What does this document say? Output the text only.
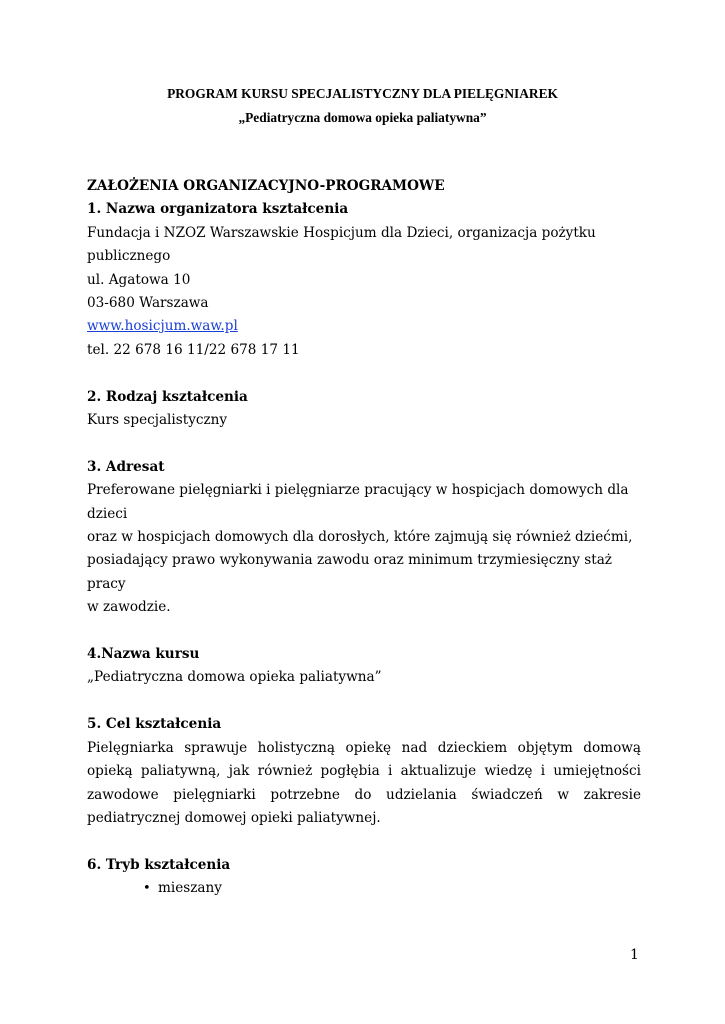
PROGRAM KURSU SPECJALISTYCZNY DLA PIELĘGNIAREK
„Pediatryczna domowa opieka paliatywna”

ZAŁOŻENIA ORGANIZACYJNO-PROGRAMOWE

1. Nazwa organizatora kształcenia

Fundacja i NZOZ Warszawskie Hospicjum dla Dzieci, organizacja pożytku

publicznego

ul. Agatowa 10

03-680 Warszawa

www.hosicjum.waw.pl

tel. 22 678 16 11/22 678 17 11

2. Rodzaj kształcenia

Kurs specjalistyczny

3. Adresat

Preferowane pielęgniarki i pielęgniarze pracujący w hospicjach domowych dla dzieci

oraz w hospicjach domowych dla dorosłych, które zajmują się również dziećmi,

posiadający prawo wykonywania zawodu oraz minimum trzymiesięczny staż pracy

w zawodzie.

4.Nazwa kursu

„Pediatryczna domowa opieka paliatywna”

5. Cel kształcenia

Pielęgniarka sprawuje holistyczną opiekę nad dzieckiem objętym domową opieką paliatywną, jak również pogłębia i aktualizuje wiedzę i umiejętności zawodowe pielęgniarki potrzebne do udzielania świadczeń w zakresie pediatrycznej domowej opieki paliatywnej.

6. Tryb kształcenia

• mieszany
1
